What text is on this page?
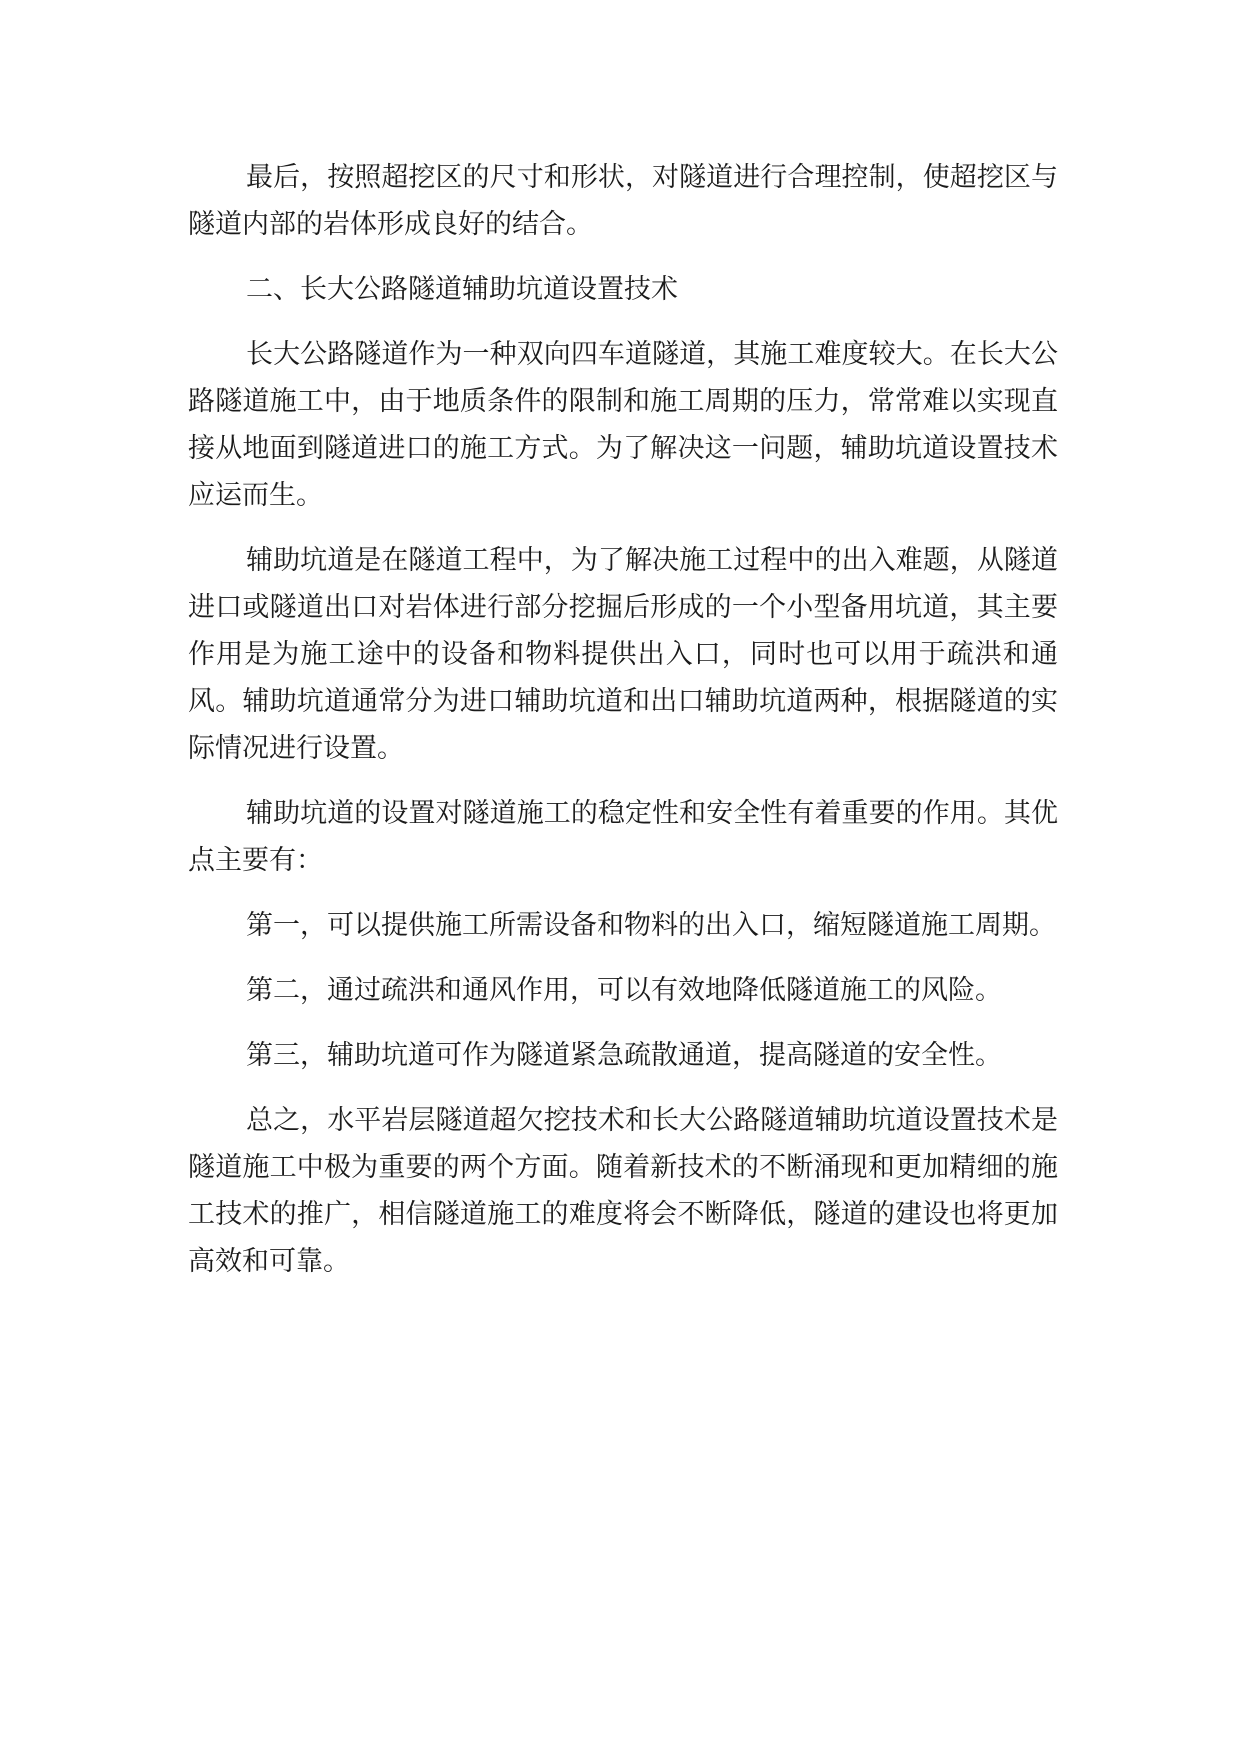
最后，按照超挖区的尺寸和形状，对隧道进行合理控制，使超挖区与隧道内部的岩体形成良好的结合。

二、长大公路隧道辅助坑道设置技术

长大公路隧道作为一种双向四车道隧道，其施工难度较大。在长大公路隧道施工中，由于地质条件的限制和施工周期的压力，常常难以实现直接从地面到隧道进口的施工方式。为了解决这一问题，辅助坑道设置技术应运而生。

辅助坑道是在隧道工程中，为了解决施工过程中的出入难题，从隧道进口或隧道出口对岩体进行部分挖掘后形成的一个小型备用坑道，其主要作用是为施工途中的设备和物料提供出入口，同时也可以用于疏洪和通风。辅助坑道通常分为进口辅助坑道和出口辅助坑道两种，根据隧道的实际情况进行设置。

辅助坑道的设置对隧道施工的稳定性和安全性有着重要的作用。其优点主要有：

第一，可以提供施工所需设备和物料的出入口，缩短隧道施工周期。

第二，通过疏洪和通风作用，可以有效地降低隧道施工的风险。

第三，辅助坑道可作为隧道紧急疏散通道，提高隧道的安全性。

总之，水平岩层隧道超欠挖技术和长大公路隧道辅助坑道设置技术是隧道施工中极为重要的两个方面。随着新技术的不断涌现和更加精细的施工技术的推广，相信隧道施工的难度将会不断降低，隧道的建设也将更加高效和可靠。
